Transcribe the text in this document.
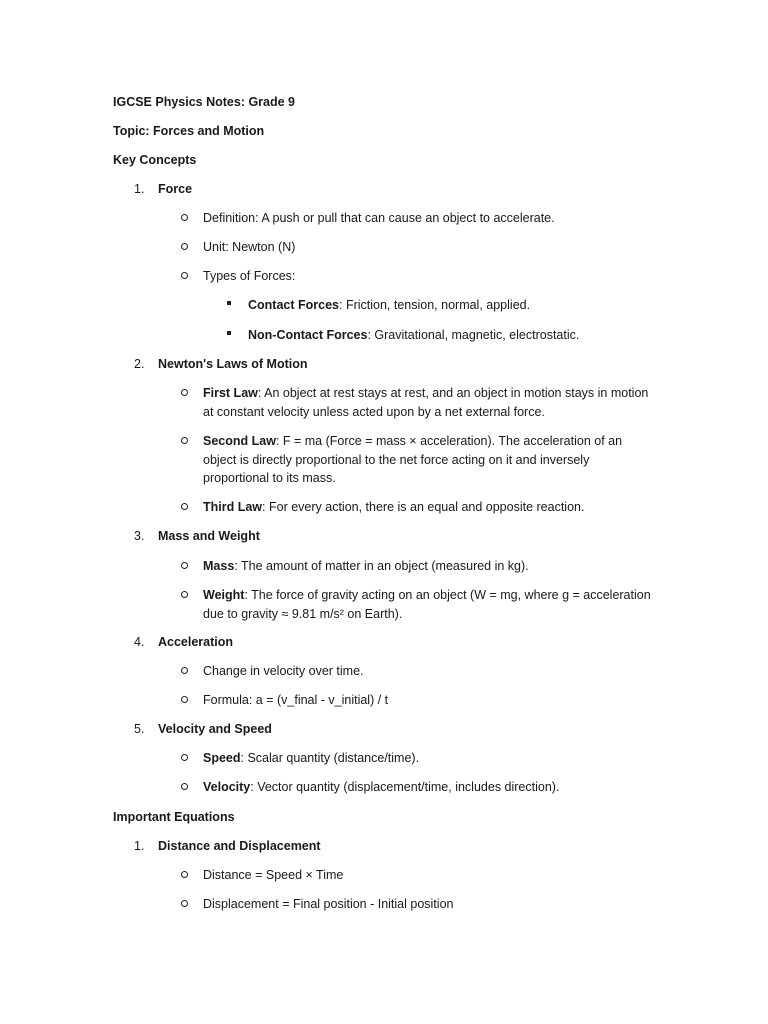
IGCSE Physics Notes: Grade 9
Topic: Forces and Motion
Key Concepts
1. Force
Definition: A push or pull that can cause an object to accelerate.
Unit: Newton (N)
Types of Forces:
Contact Forces: Friction, tension, normal, applied.
Non-Contact Forces: Gravitational, magnetic, electrostatic.
2. Newton's Laws of Motion
First Law: An object at rest stays at rest, and an object in motion stays in motion at constant velocity unless acted upon by a net external force.
Second Law: F = ma (Force = mass × acceleration). The acceleration of an object is directly proportional to the net force acting on it and inversely proportional to its mass.
Third Law: For every action, there is an equal and opposite reaction.
3. Mass and Weight
Mass: The amount of matter in an object (measured in kg).
Weight: The force of gravity acting on an object (W = mg, where g = acceleration due to gravity ≈ 9.81 m/s² on Earth).
4. Acceleration
Change in velocity over time.
Formula: a = (v_final - v_initial) / t
5. Velocity and Speed
Speed: Scalar quantity (distance/time).
Velocity: Vector quantity (displacement/time, includes direction).
Important Equations
1. Distance and Displacement
Distance = Speed × Time
Displacement = Final position - Initial position
